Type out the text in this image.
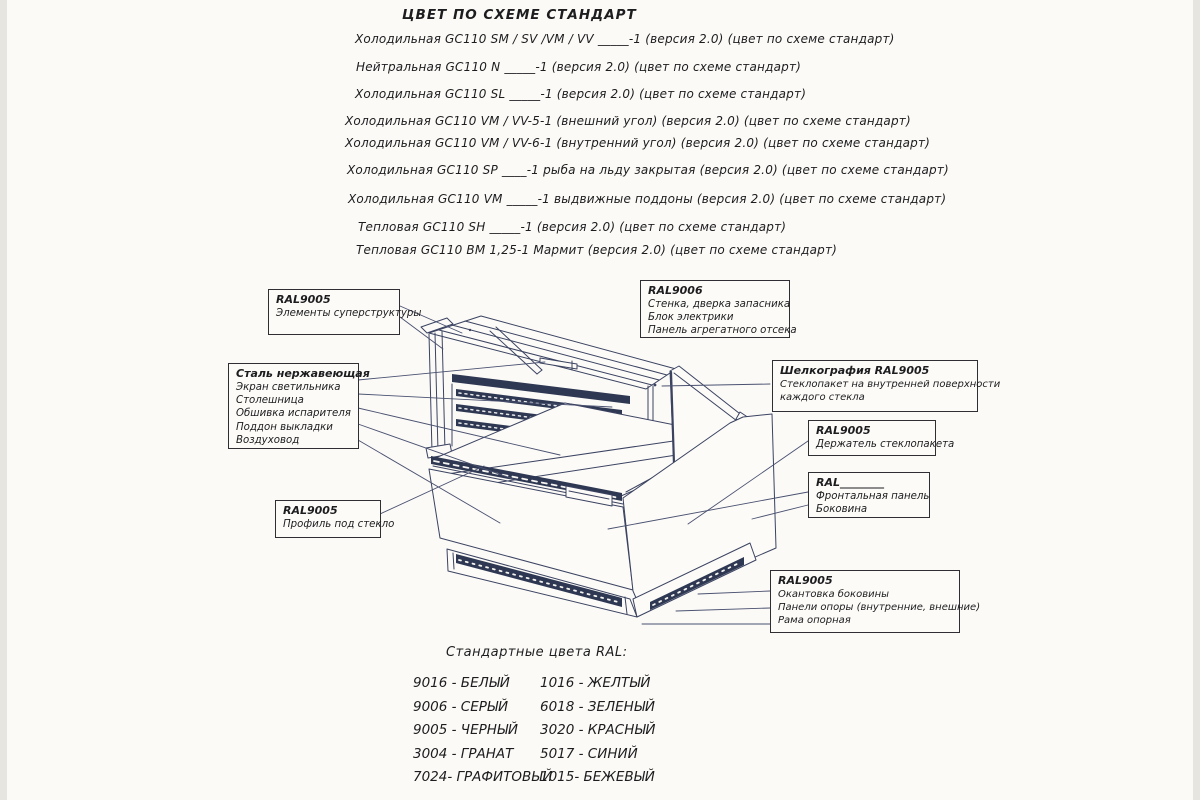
ЦВЕТ ПО СХЕМЕ СТАНДАРТ
Холодильная GC110 SM / SV /VM / VV _____-1 (версия 2.0) (цвет по схеме стандарт)
Нейтральная GC110 N _____-1 (версия 2.0) (цвет по схеме стандарт)
Холодильная GC110 SL _____-1 (версия 2.0) (цвет по схеме стандарт)
Холодильная GC110 VM / VV-5-1 (внешний угол) (версия 2.0) (цвет по схеме стандарт)
Холодильная GC110 VM / VV-6-1 (внутренний угол) (версия 2.0) (цвет по схеме стандарт)
Холодильная GC110 SP ____-1 рыба на льду закрытая (версия 2.0) (цвет по схеме стандарт)
Холодильная GC110 VM _____-1 выдвижные поддоны (версия 2.0) (цвет по схеме стандарт)
Тепловая GC110 SH _____-1 (версия 2.0) (цвет по схеме стандарт)
Тепловая GC110 ВМ 1,25-1 Мармит (версия 2.0) (цвет по схеме стандарт)
RAL9005
Элементы суперструктуры
RAL9006
Стенка, дверка запасника
Блок электрики
Панель агрегатного отсека
Сталь нержавеющая
Экран светильника
Столешница
Обшивка испарителя
Поддон выкладки
Воздуховод
Шелкография RAL9005
Стеклопакет на внутренней поверхности
каждого стекла
RAL9005
Держатель стеклопакета
RAL________
Фронтальная панель
Боковина
RAL9005
Профиль под стекло
RAL9005
Окантовка боковины
Панели опоры (внутренние, внешние)
Рама опорная
Стандартные цвета RAL:
9016 - БЕЛЫЙ
9006 - СЕРЫЙ
9005 - ЧЕРНЫЙ
3004 - ГРАНАТ
7024- ГРАФИТОВЫЙ
1016 - ЖЕЛТЫЙ
6018 - ЗЕЛЕНЫЙ
3020 - КРАСНЫЙ
5017 - СИНИЙ
1015- БЕЖЕВЫЙ
